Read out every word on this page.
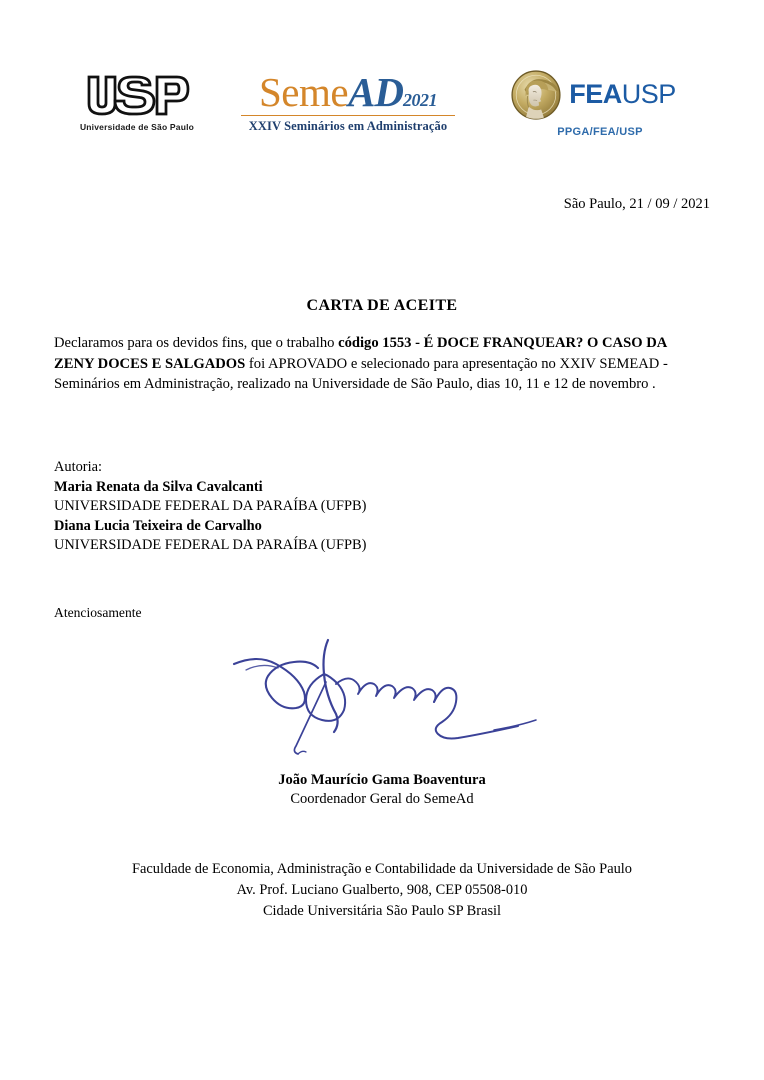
Universidade de São Paulo
SemeAD2021
XXIV Seminários em Administração
FEAUSP
PPGA/FEA/USP
São Paulo, 21 / 09 / 2021
CARTA DE ACEITE
Declaramos para os devidos fins, que o trabalho código 1553 - É DOCE FRANQUEAR? O CASO DA ZENY DOCES E SALGADOS foi APROVADO e selecionado para apresentação no XXIV SEMEAD - Seminários em Administração, realizado na Universidade de São Paulo, dias 10, 11 e 12 de novembro .
Autoria:
Maria Renata da Silva Cavalcanti
UNIVERSIDADE FEDERAL DA PARAÍBA (UFPB)
Diana Lucia Teixeira de Carvalho
UNIVERSIDADE FEDERAL DA PARAÍBA (UFPB)
Atenciosamente
João Maurício Gama Boaventura
Coordenador Geral do SemeAd
Faculdade de Economia, Administração e Contabilidade da Universidade de São Paulo
Av. Prof. Luciano Gualberto, 908, CEP 05508-010
Cidade Universitária São Paulo SP Brasil
